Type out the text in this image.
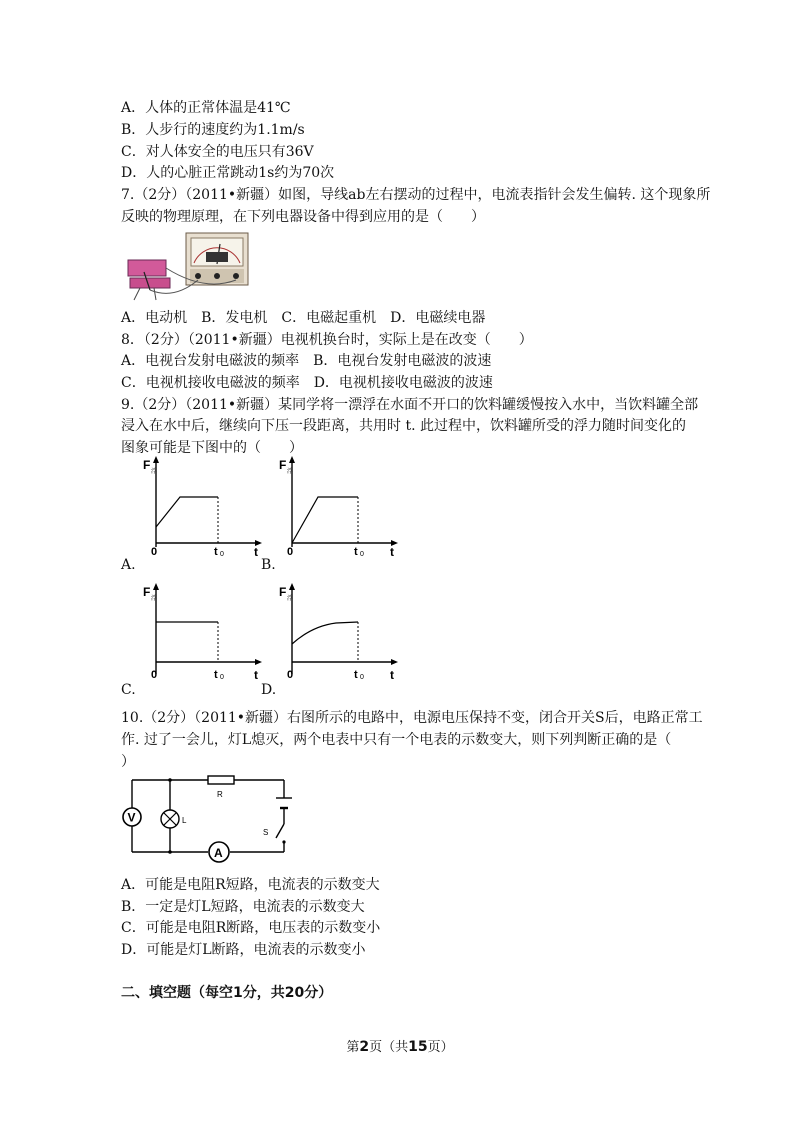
A．人体的正常体温是41℃
B．人步行的速度约为1.1m/s
C．对人体安全的电压只有36V
D．人的心脏正常跳动1s约为70次
7.（2分）（2011•新疆）如图，导线ab左右摆动的过程中，电流表指针会发生偏转. 这个现象所
反映的物理原理，在下列电器设备中得到应用的是（　　）
A．电动机　B．发电机　C．电磁起重机　D．电磁续电器
8．（2分）（2011•新疆）电视机换台时，实际上是在改变（　　）
A．电视台发射电磁波的频率　B．电视台发射电磁波的波速
C．电视机接收电磁波的频率　D．电视机接收电磁波的波速
9.（2分）（2011•新疆）某同学将一漂浮在水面不开口的饮料罐缓慢按入水中，当饮料罐全部
浸入在水中后，继续向下压一段距离，共用时 t. 此过程中，饮料罐所受的浮力随时间变化的
图象可能是下图中的（　　）
F 浮
0	t 0	t
A.
F 浮
0	t 0 t
B.
F 浮
0	t 0	t
C.
F 浮
0	t 0 t
D.
10.（2分）（2011•新疆）右图所示的电路中，电源电压保持不变，闭合开关S后，电路正常工
作. 过了一会儿，灯L熄灭，两个电表中只有一个电表的示数变大，则下列判断正确的是（
）
V	L
R
S
A
A．可能是电阻R短路，电流表的示数变大
B．一定是灯L短路，电流表的示数变大
C．可能是电阻R断路，电压表的示数变小
D．可能是灯L断路，电流表的示数变小
二、填空题（每空1分，共20分）
第2页（共15页）
